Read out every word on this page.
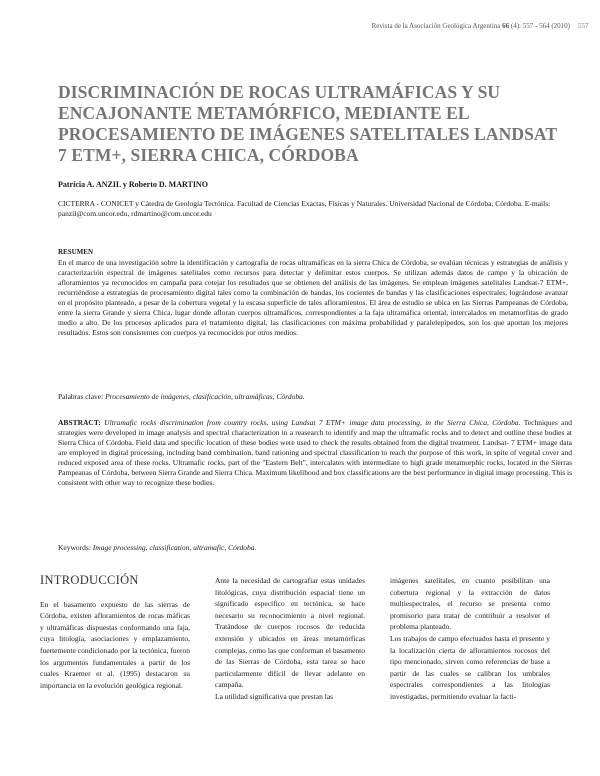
Revista de la Asociación Geológica Argentina 66 (4): 557 - 564 (2010) 557
DISCRIMINACIÓN DE ROCAS ULTRAMÁFICAS Y SU ENCAJONANTE METAMÓRFICO, MEDIANTE EL PROCESAMIENTO DE IMÁGENES SATELITALES LANDSAT 7 ETM+, SIERRA CHICA, CÓRDOBA
Patricia A. ANZIL y Roberto D. MARTINO
CICTERRA - CONICET y Cátedra de Geología Tectónica. Facultad de Ciencias Exactas, Físicas y Naturales. Universidad Nacional de Córdoba, Córdoba. E-mails: panzil@com.uncor.edu, rdmartino@com.uncor.edu
RESUMEN
En el marco de una investigación sobre la identificación y cartografía de rocas ultramáficas en la sierra Chica de Córdoba, se evalúan técnicas y estrategias de análisis y caracterización espectral de imágenes satelitales como recursos para detectar y delimitar estos cuerpos. Se utilizan además datos de campo y la ubicación de afloramientos ya reconocidos en campaña para cotejar los resultados que se obtienen del análisis de las imágenes. Se emplean imágenes satelitales Landsat-7 ETM+, recurriéndose a estrategias de procesamiento digital tales como la combinación de bandas, los cocientes de bandas y las clasificaciones espectrales, lográndose avanzar en el propósito planteado, a pesar de la cobertura vegetal y la escasa superficie de tales afloramientos. El área de estudio se ubica en las Sierras Pampeanas de Córdoba, entre la sierra Grande y sierra Chica, lugar donde afloran cuerpos ultramáficos, correspondientes a la faja ultramáfica oriental, intercalados en metamorfitas de grado medio a alto. De los procesos aplicados para el tratamiento digital, las clasificaciones con máxima probabilidad y paralelepípedos, son los que aportan los mejores resultados. Estos son consistentes con cuerpos ya reconocidos por otros medios.
Palabras clave: Procesamiento de imágenes, clasificación, ultramáficas, Córdoba.
ABSTRACT: Ultramafic rocks discrimination from country rocks, using Landsat 7 ETM+ image data processing, in the Sierra Chica, Córdoba. Techniques and strategies were developed in image analysis and spectral characterization in a reasearch to identify and map the ultramafic rocks and to detect and outline these bodies at Sierra Chica of Córdoba. Field data and specific location of these bodies were used to check the results obtained from the digital treatment. Landsat- 7 ETM+ image data are employed in digital processing, including band combination, band rationing and spectral classification to reach the purpose of this work, in spite of vegetal cover and reduced exposed area of these rocks. Ultramafic rocks, part of the "Eastern Belt", intercalates with intermediate to high grade metamorphic rocks, located in the Sierras Pampeanas of Córdoba, between Sierra Grande and Sierra Chica. Maximum likelihood and box classifications are the best performance in digital image processing. This is consistent with other way to recognize these bodies.
Keywords: Image processing, classification, ultramafic, Córdoba.
INTRODUCCIÓN

En el basamento expuesto de las sierras de Córdoba, existen afloramientos de rocas máficas y ultramáficas dispuestas conformando una faja, cuya litología, asociaciones y emplazamiento, fuertemente condicionado por la tectónica, fueron los argumentos fundamentales a partir de los cuales Kraemer et al. (1995) destacaron su importancia en la evolución geológica regional.

Ante la necesidad de cartografiar estas unidades litológicas, cuya distribución espacial tiene un significado específico en tectónica, se hace necesario su reconocimiento a nivel regional. Tratándose de cuerpos rocosos de reducida extensión y ubicados en áreas metamórficas complejas, como las que conforman el basamento de las Sierras de Córdoba, esta tarea se hace particularmente difícil de llevar adelante en campaña.

La utilidad significativa que prestan las

imágenes satelitales, en cuanto posibilitan una cobertura regional y la extracción de datos multiespectrales, el recurso se presenta como promisorio para tratar de contribuir a resolver el problema planteado.

Los trabajos de campo efectuados hasta el presente y la localización cierta de afloramientos rocosos del tipo mencionado, sirven como referencias de base a partir de las cuales se calibran los umbrales espectrales correspondientes a las litologías investigadas, permitiendo evaluar la facti-
